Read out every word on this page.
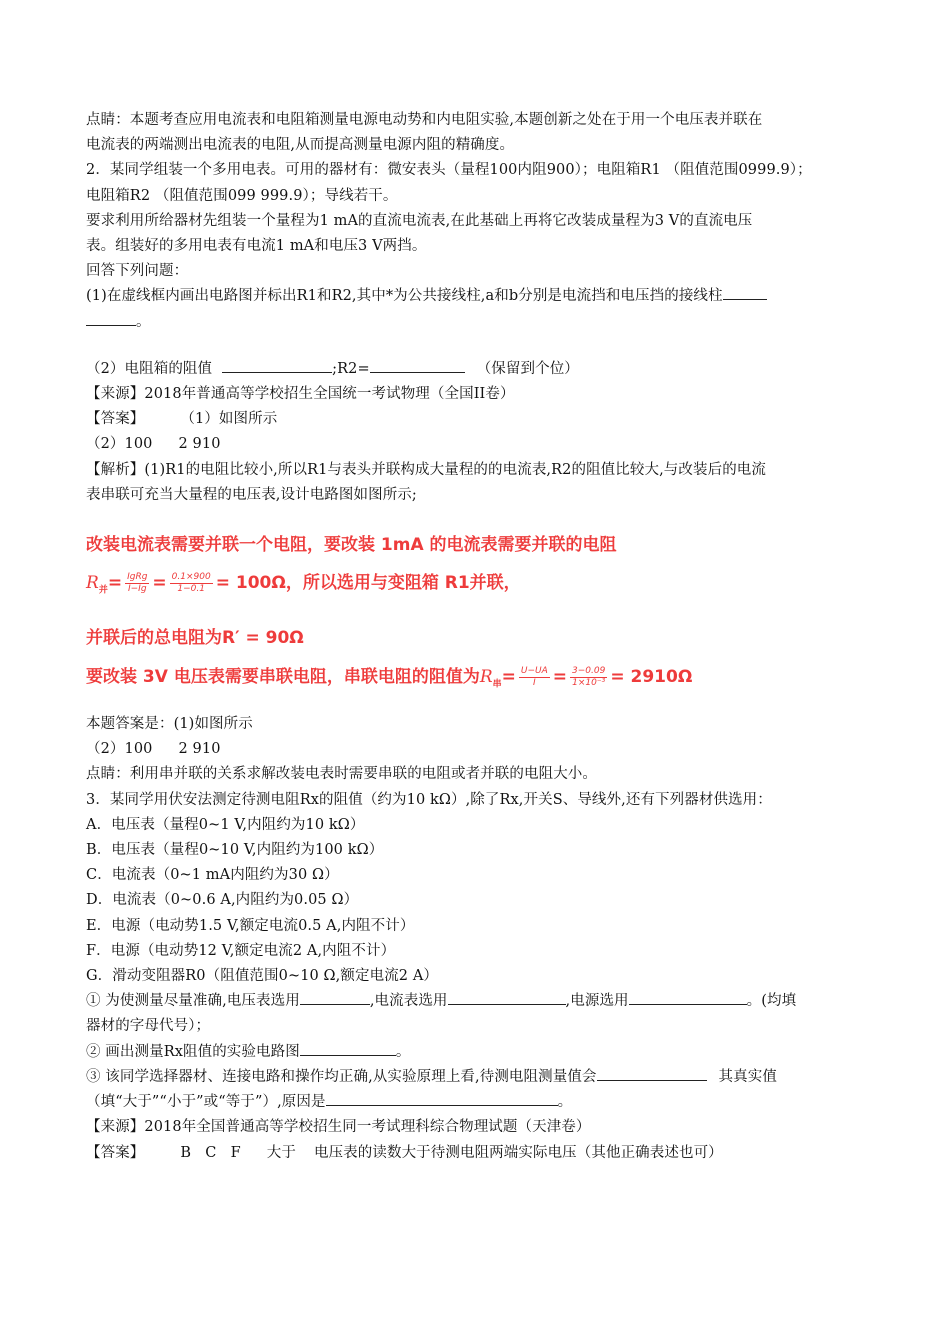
点睛：本题考查应用电流表和电阻箱测量电源电动势和内电阻实验,本题创新之处在于用一个电压表并联在
电流表的两端测出电流表的电阻,从而提高测量电源内阻的精确度。
2．某同学组装一个多用电表。可用的器材有：微安表头（量程100内阻900）；电阻箱R1 （阻值范围0999.9）；
电阻箱R2 （阻值范围099 999.9）；导线若干。
要求利用所给器材先组装一个量程为1 mA的直流电流表,在此基础上再将它改装成量程为3 V的直流电压
表。组装好的多用电表有电流1 mA和电压3 V两挡。
回答下列问题：
(1)在虚线框内画出电路图并标出R1和R2,其中*为公共接线柱,a和b分别是电流挡和电压挡的接线柱
。
（2）电阻箱的阻值	;R2=	（保留到个位）
【来源】2018年普通高等学校招生全国统一考试物理（全国II卷）
【答案】 （1）如图所示
（2）100 2 910
【解析】(1)R1的电阻比较小,所以R1与表头并联构成大量程的的电流表,R2的阻值比较大,与改装后的电流
表串联可充当大量程的电压表,设计电路图如图所示;
改装电流表需要并联一个电阻，要改装 1mA 的电流表需要并联的电阻
$R_并= \frac{\text{IgRg}}{I-Ig} = \frac{0.1\times 900}{1-0.1} = 100\Omega$，所以选用与变阻箱 R1并联，
并联后的总电阻为R′ = 90Ω
要改装 3V 电压表需要串联电阻，串联电阻的阻值为$R_串= \frac{U-UA}{I} = \frac{3-0.09}{\text{1×10⁻³}} = 2910\Omega$
本题答案是：(1)如图所示
（2）100 2 910
点睛：利用串并联的关系求解改装电表时需要串联的电阻或者并联的电阻大小。
3．某同学用伏安法测定待测电阻Rx的阻值（约为10 kΩ）,除了Rx,开关S、导线外,还有下列器材供选用：
A．电压表（量程0~1 V,内阻约为10 kΩ）
B．电压表（量程0~10 V,内阻约为100 kΩ）
C．电流表（0~1 mA内阻约为30 Ω）
D．电流表（0~0.6 A,内阻约为0.05 Ω）
E．电源（电动势1.5 V,额定电流0.5 A,内阻不计）
F．电源（电动势12 V,额定电流2 A,内阻不计）
G．滑动变阻器R0（阻值范围0~10 Ω,额定电流2 A）
① 为使测量尽量准确,电压表选用	,电流表选用	,电源选用	。(均填
器材的字母代号）；
② 画出测量Rx阻值的实验电路图	。
③ 该同学选择器材、连接电路和操作均正确,从实验原理上看,待测电阻测量值会	其真实值
（填“大于”“小于”或“等于”）,原因是	。
【来源】2018年全国普通高等学校招生同一考试理科综合物理试题（天津卷）
【答案】 B   C   F 大于 电压表的读数大于待测电阻两端实际电压（其他正确表述也可）
